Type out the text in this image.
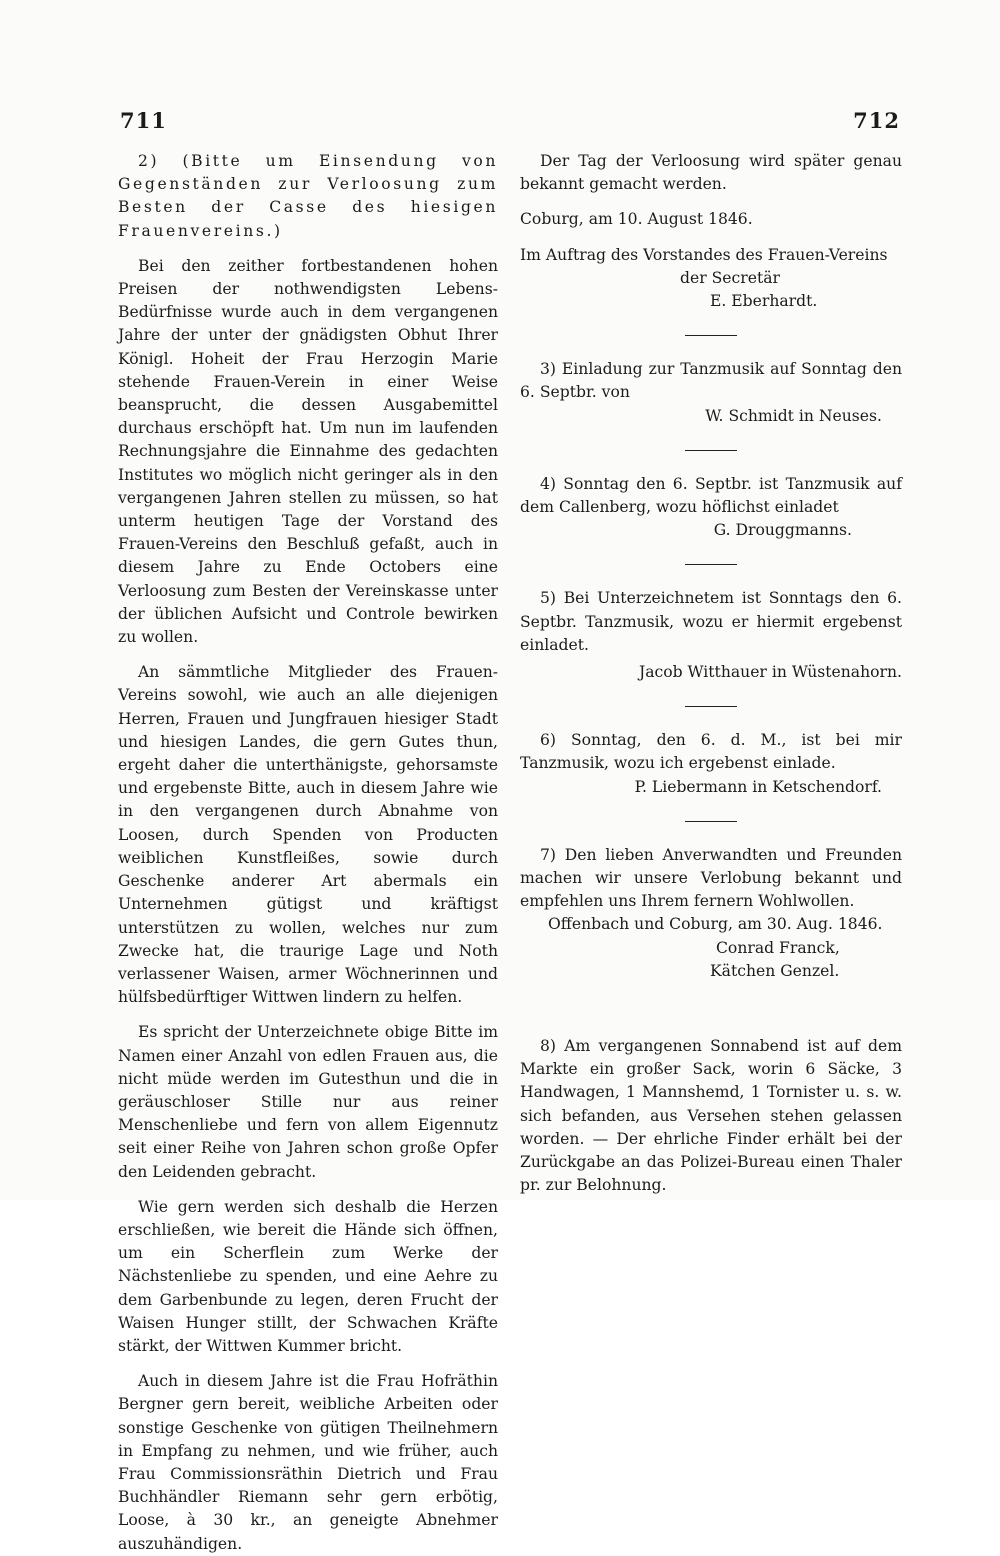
711	712

2) (Bitte um Einsendung von Gegenständen zur Verloosung zum Besten der Casse des hiesigen Frauenvereins.)

Bei den zeither fortbestandenen hohen Preisen der nothwendigsten Lebens-Bedürfnisse wurde auch in dem vergangenen Jahre der unter der gnädigsten Obhut Ihrer Königl. Hoheit der Frau Herzogin Marie stehende Frauen-Verein in einer Weise beansprucht, die dessen Ausgabemittel durchaus erschöpft hat. Um nun im laufenden Rechnungsjahre die Einnahme des gedachten Institutes wo möglich nicht geringer als in den vergangenen Jahren stellen zu müssen, so hat unterm heutigen Tage der Vorstand des Frauen-Vereins den Beschluß gefaßt, auch in diesem Jahre zu Ende Octobers eine Verloosung zum Besten der Vereinskasse unter der üblichen Aufsicht und Controle bewirken zu wollen.

An sämmtliche Mitglieder des Frauen-Vereins sowohl, wie auch an alle diejenigen Herren, Frauen und Jungfrauen hiesiger Stadt und hiesigen Landes, die gern Gutes thun, ergeht daher die unterthänigste, gehorsamste und ergebenste Bitte, auch in diesem Jahre wie in den vergangenen durch Abnahme von Loosen, durch Spenden von Producten weiblichen Kunstfleißes, sowie durch Geschenke anderer Art abermals ein Unternehmen gütigst und kräftigst unterstützen zu wollen, welches nur zum Zwecke hat, die traurige Lage und Noth verlassener Waisen, armer Wöchnerinnen und hülfsbedürftiger Wittwen lindern zu helfen.

Es spricht der Unterzeichnete obige Bitte im Namen einer Anzahl von edlen Frauen aus, die nicht müde werden im Gutesthun und die in geräuschloser Stille nur aus reiner Menschenliebe und fern von allem Eigennutz seit einer Reihe von Jahren schon große Opfer den Leidenden gebracht.

Wie gern werden sich deshalb die Herzen erschließen, wie bereit die Hände sich öffnen, um ein Scherflein zum Werke der Nächstenliebe zu spenden, und eine Aehre zu dem Garbenbunde zu legen, deren Frucht der Waisen Hunger stillt, der Schwachen Kräfte stärkt, der Wittwen Kummer bricht.

Auch in diesem Jahre ist die Frau Hofräthin Bergner gern bereit, weibliche Arbeiten oder sonstige Geschenke von gütigen Theilnehmern in Empfang zu nehmen, und wie früher, auch Frau Commissionsräthin Dietrich und Frau Buchhändler Riemann sehr gern erbötig, Loose, à 30 kr., an geneigte Abnehmer auszuhändigen.

Der Tag der Verloosung wird später genau bekannt gemacht werden.

Coburg, am 10. August 1846.

Im Auftrag des Vorstandes des Frauen-Vereins

der Secretär

E. Eberhardt.

3) Einladung zur Tanzmusik auf Sonntag den 6. Septbr. von

W. Schmidt in Neuses.

4) Sonntag den 6. Septbr. ist Tanzmusik auf dem Callenberg, wozu höflichst einladet

G. Drouggmanns.

5) Bei Unterzeichnetem ist Sonntags den 6. Septbr. Tanzmusik, wozu er hiermit ergebenst einladet.

Jacob Witthauer in Wüstenahorn.

6) Sonntag, den 6. d. M., ist bei mir Tanzmusik, wozu ich ergebenst einlade.

P. Liebermann in Ketschendorf.

7) Den lieben Anverwandten und Freunden machen wir unsere Verlobung bekannt und empfehlen uns Ihrem fernern Wohlwollen.

Offenbach und Coburg, am 30. Aug. 1846.

Conrad Franck,

Kätchen Genzel.

8) Am vergangenen Sonnabend ist auf dem Markte ein großer Sack, worin 6 Säcke, 3 Handwagen, 1 Mannshemd, 1 Tornister u. s. w. sich befanden, aus Versehen stehen gelassen worden. — Der ehrliche Finder erhält bei der Zurückgabe an das Polizei-Bureau einen Thaler pr. zur Belohnung.
